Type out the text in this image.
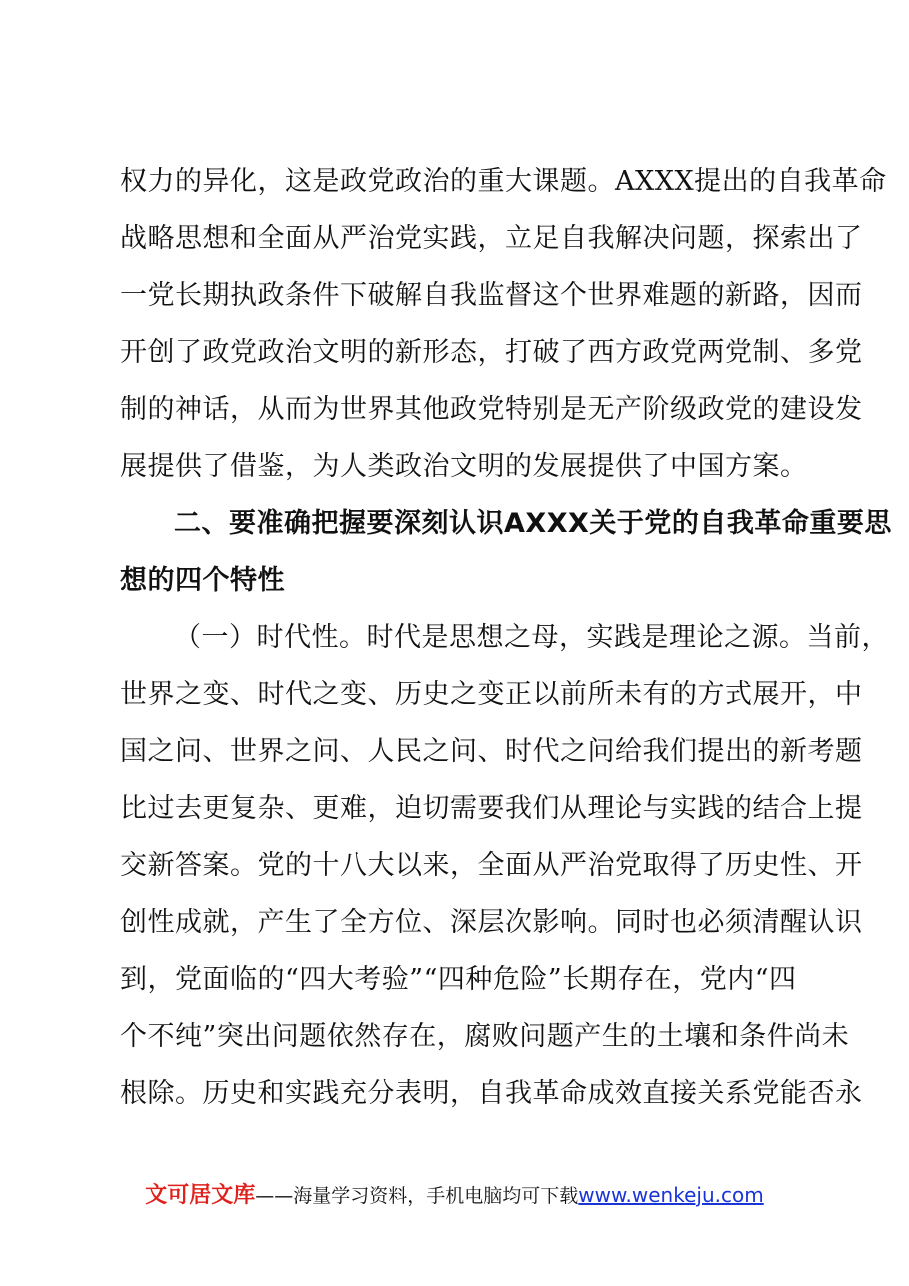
权力的异化，这是政党政治的重大课题。AXXX提出的自我革命
战略思想和全面从严治党实践，立足自我解决问题，探索出了
一党长期执政条件下破解自我监督这个世界难题的新路，因而
开创了政党政治文明的新形态，打破了西方政党两党制、多党
制的神话，从而为世界其他政党特别是无产阶级政党的建设发
展提供了借鉴，为人类政治文明的发展提供了中国方案。
二、要准确把握要深刻认识AXXX关于党的自我革命重要思
想的四个特性
（一）时代性。时代是思想之母，实践是理论之源。当前，
世界之变、时代之变、历史之变正以前所未有的方式展开，中
国之问、世界之问、人民之问、时代之问给我们提出的新考题
比过去更复杂、更难，迫切需要我们从理论与实践的结合上提
交新答案。党的十八大以来，全面从严治党取得了历史性、开
创性成就，产生了全方位、深层次影响。同时也必须清醒认识
到，党面临的“四大考验”“四种危险”长期存在，党内“四
个不纯”突出问题依然存在，腐败问题产生的土壤和条件尚未
根除。历史和实践充分表明，自我革命成效直接关系党能否永
文可居文库——海量学习资料，手机电脑均可下载www.wenkeju.com
